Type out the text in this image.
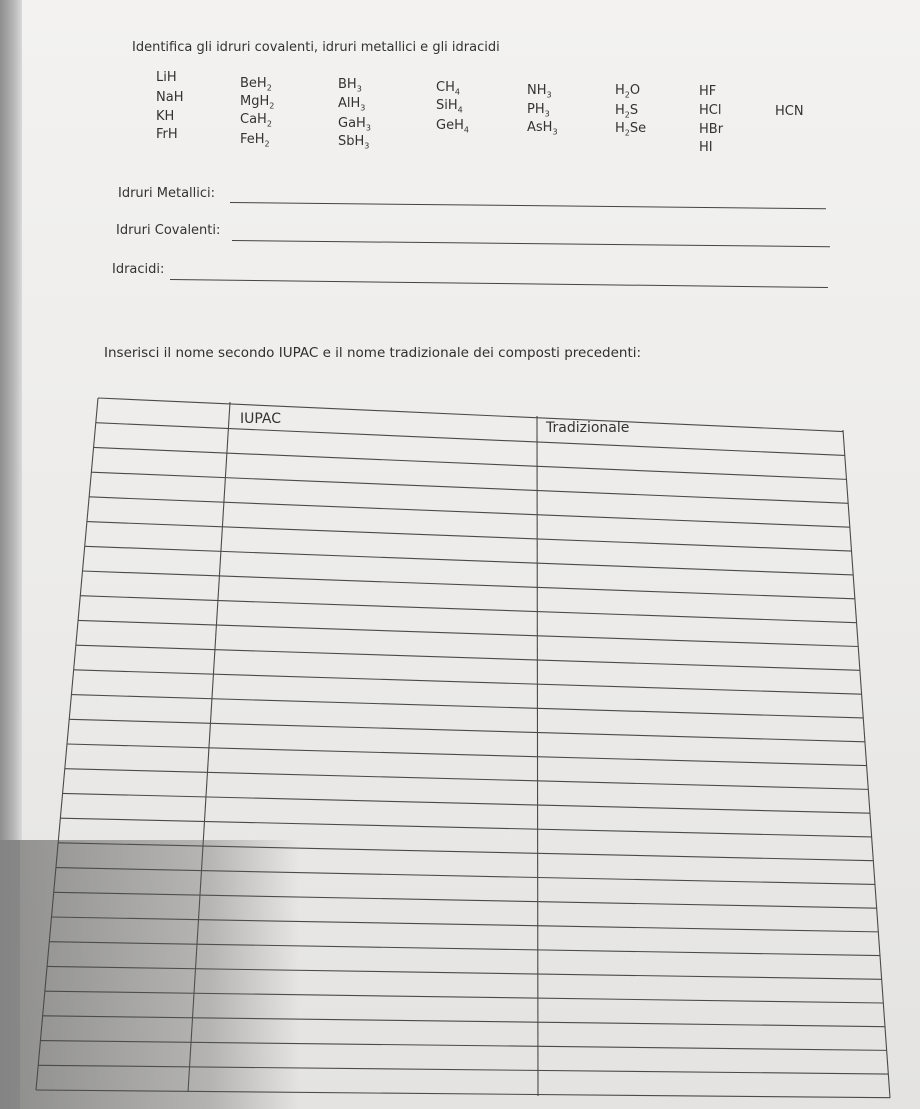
Identifica gli idruri covalenti, idruri metallici e gli idracidi
LiH
NaH
KH
FrH
BeH$_2$
MgH$_2$
CaH$_2$
FeH$_2$
$BH_3$
AlH$_3$
GaH$_3$
SbH$_3$
$CH_4$
SiH$_4$
GeH$_4$
$NH_3$
$PH_3$
AsH$_3$
$H_2O$
$H_2S$
$H_2Se$
HF
HCl
HBr
HI
HCN
Idruri Metallici:
Idruri Covalenti:
Idracidi:
Inserisci il nome secondo IUPAC e il nome tradizionale dei composti precedenti:
IUPAC
Tradizionale
